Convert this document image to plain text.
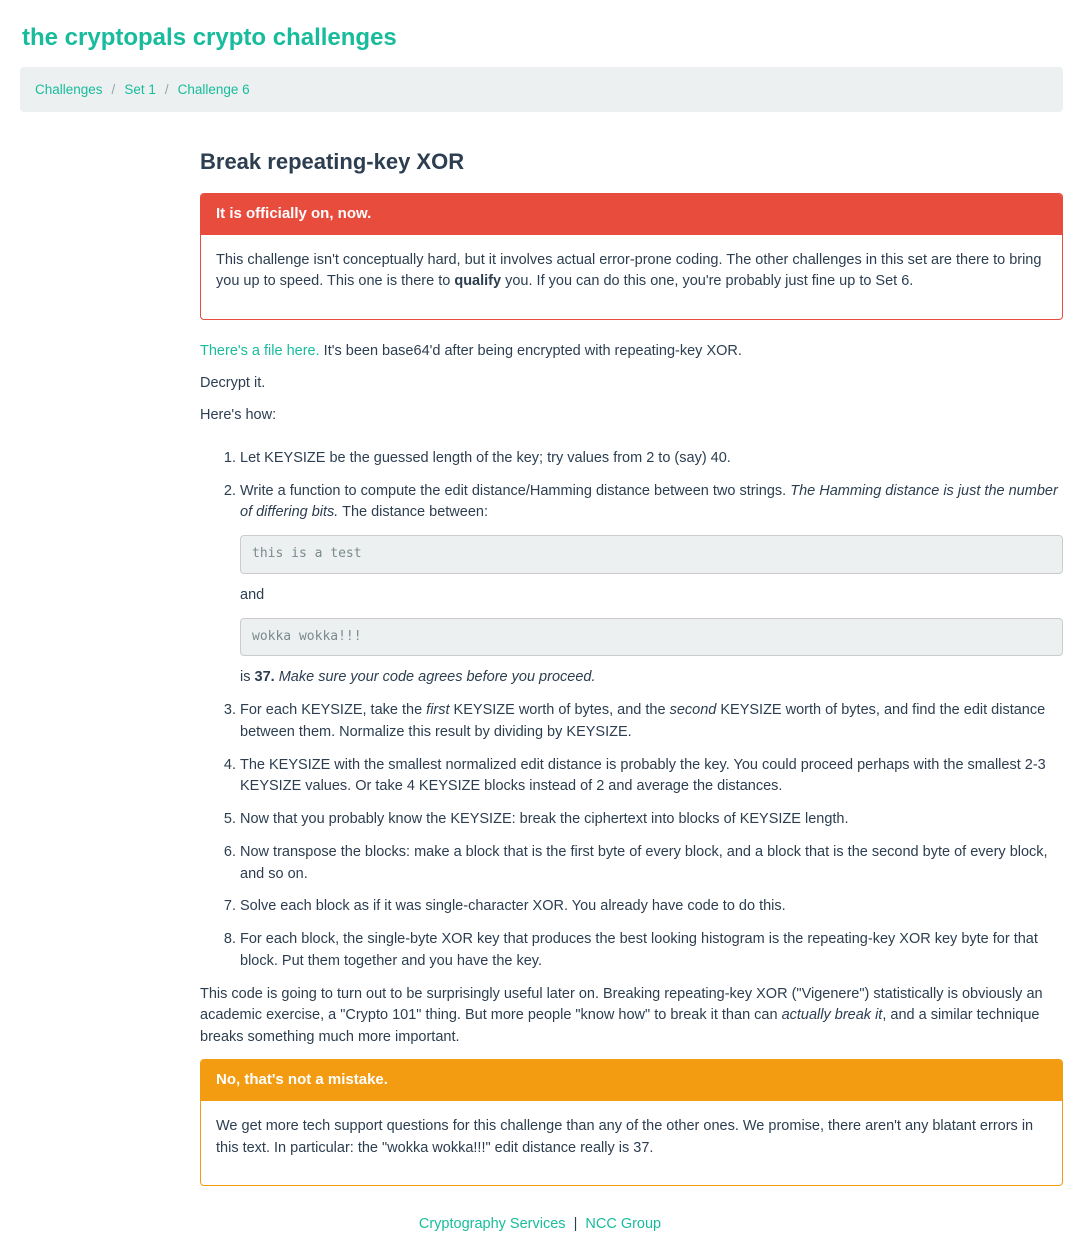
the cryptopals crypto challenges
Challenges / Set 1 / Challenge 6
Break repeating-key XOR
It is officially on, now.

This challenge isn't conceptually hard, but it involves actual error-prone coding. The other challenges in this set are there to bring you up to speed. This one is there to qualify you. If you can do this one, you're probably just fine up to Set 6.

There's a file here. It's been base64'd after being encrypted with repeating-key XOR.

Decrypt it.

Here's how:

1. Let KEYSIZE be the guessed length of the key; try values from 2 to (say) 40.

2. Write a function to compute the edit distance/Hamming distance between two strings. The Hamming distance is just the number of differing bits. The distance between:

this is a test

and

wokka wokka!!!

is 37. Make sure your code agrees before you proceed.

3. For each KEYSIZE, take the first KEYSIZE worth of bytes, and the second KEYSIZE worth of bytes, and find the edit distance between them. Normalize this result by dividing by KEYSIZE.

4. The KEYSIZE with the smallest normalized edit distance is probably the key. You could proceed perhaps with the smallest 2-3 KEYSIZE values. Or take 4 KEYSIZE blocks instead of 2 and average the distances.

5. Now that you probably know the KEYSIZE: break the ciphertext into blocks of KEYSIZE length.

6. Now transpose the blocks: make a block that is the first byte of every block, and a block that is the second byte of every block, and so on.

7. Solve each block as if it was single-character XOR. You already have code to do this.

8. For each block, the single-byte XOR key that produces the best looking histogram is the repeating-key XOR key byte for that block. Put them together and you have the key.

This code is going to turn out to be surprisingly useful later on. Breaking repeating-key XOR ("Vigenere") statistically is obviously an academic exercise, a "Crypto 101" thing. But more people "know how" to break it than can actually break it, and a similar technique breaks something much more important.

No, that's not a mistake.

We get more tech support questions for this challenge than any of the other ones. We promise, there aren't any blatant errors in this text. In particular: the "wokka wokka!!!" edit distance really is 37.

Cryptography Services | NCC Group
